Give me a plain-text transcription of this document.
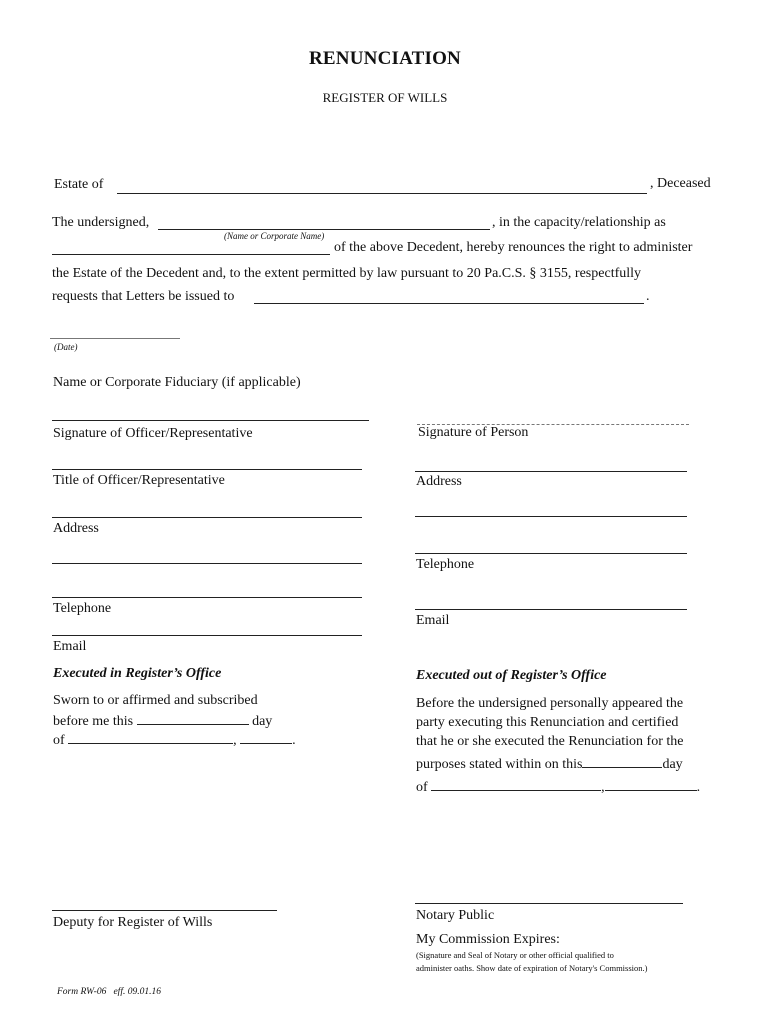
RENUNCIATION
REGISTER OF WILLS
Estate of	, Deceased
The undersigned,	, in the capacity/relationship as
(Name or Corporate Name)
of the above Decedent, hereby renounces the right to administer
the Estate of the Decedent and, to the extent permitted by law pursuant to 20 Pa.C.S. § 3155, respectfully
requests that Letters be issued to	.
(Date)
Name or Corporate Fiduciary (if applicable)
Signature of Officer/Representative
Title of Officer/Representative
Address
Telephone
Email
Signature of Person
Address
Telephone
Email
Executed in Register’s Office
Sworn to or affirmed and subscribed
before me this	day
of	,	.
Deputy for Register of Wills
Executed out of Register’s Office
Before the undersigned personally appeared the
party executing this Renunciation and certified
that he or she executed the Renunciation for the
purposes stated within on this	day
of	,	.
Notary Public
My Commission Expires:
(Signature and Seal of Notary or other official qualified to
administer oaths. Show date of expiration of Notary's Commission.)
Form RW-06   eff. 09.01.16
